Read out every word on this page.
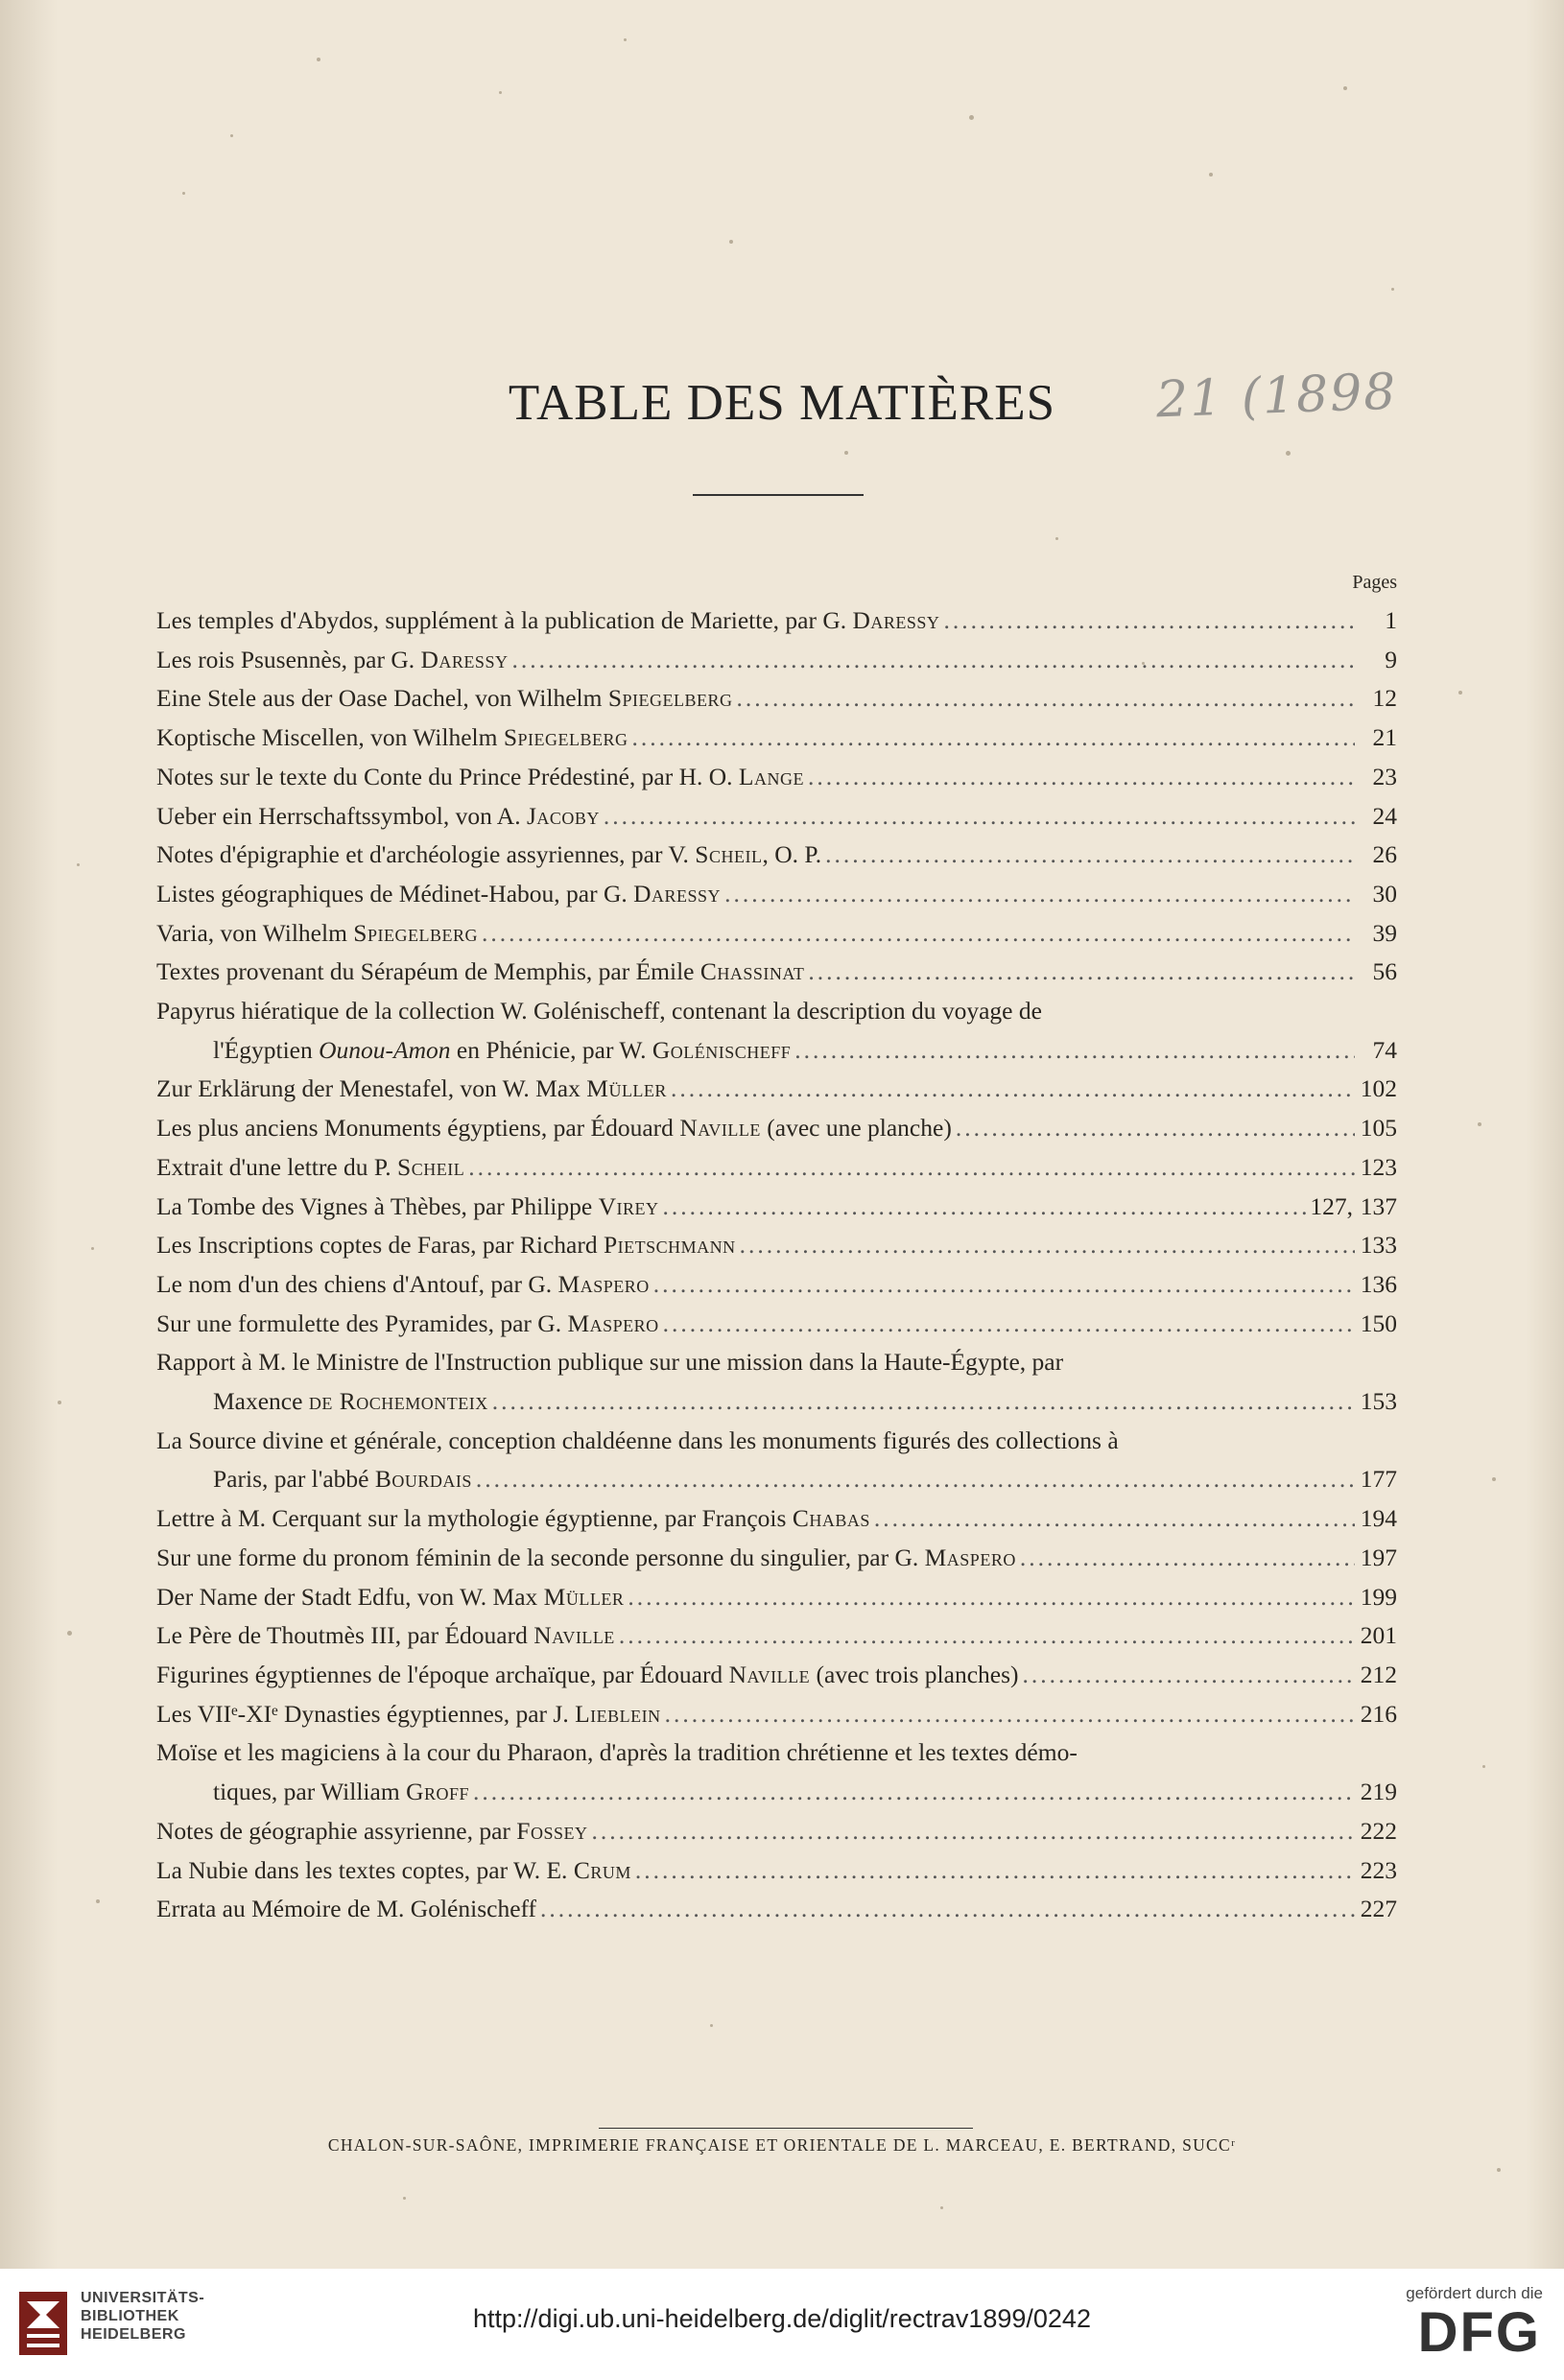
21 (1898
TABLE DES MATIÈRES
Pages
Les temples d'Abydos, supplément à la publication de Mariette, par G. Daressy .....	1
Les rois Psusennès, par G. Daressy .....	9
Eine Stele aus der Oase Dachel, von Wilhelm Spiegelberg .....	12
Koptische Miscellen, von Wilhelm Spiegelberg .....	21
Notes sur le texte du Conte du Prince Prédestiné, par H. O. Lange .....	23
Ueber ein Herrschaftssymbol, von A. Jacoby .....	24
Notes d'épigraphie et d'archéologie assyriennes, par V. Scheil, O. P. .....	26
Listes géographiques de Médinet-Habou, par G. Daressy .....	30
Varia, von Wilhelm Spiegelberg .....	39
Textes provenant du Sérapéum de Memphis, par Émile Chassinat .....	56
Papyrus hiératique de la collection W. Golénischeff, contenant la description du voyage de
l'Égyptien Ounou-Amon en Phénicie, par W. Golénischeff .....	74
Zur Erklärung der Menestafel, von W. Max Müller .....	102
Les plus anciens Monuments égyptiens, par Édouard Naville (avec une planche) .....	105
Extrait d'une lettre du P. Scheil .....	123
La Tombe des Vignes à Thèbes, par Philippe Virey .....	127, 137
Les Inscriptions coptes de Faras, par Richard Pietschmann .....	133
Le nom d'un des chiens d'Antouf, par G. Maspero .....	136
Sur une formulette des Pyramides, par G. Maspero .....	150
Rapport à M. le Ministre de l'Instruction publique sur une mission dans la Haute-Égypte, par
Maxence de Rochemonteix .....	153
La Source divine et générale, conception chaldéenne dans les monuments figurés des collections à
Paris, par l'abbé Bourdais .....	177
Lettre à M. Cerquant sur la mythologie égyptienne, par François Chabas .....	194
Sur une forme du pronom féminin de la seconde personne du singulier, par G. Maspero .....	197
Der Name der Stadt Edfu, von W. Max Müller .....	199
Le Père de Thoutmès III, par Édouard Naville .....	201
Figurines égyptiennes de l'époque archaïque, par Édouard Naville (avec trois planches) .....	212
Les VIIᵉ-XIᵉ Dynasties égyptiennes, par J. Lieblein .....	216
Moïse et les magiciens à la cour du Pharaon, d'après la tradition chrétienne et les textes démo-
tiques, par William Groff .....	219
Notes de géographie assyrienne, par Fossey .....	222
La Nubie dans les textes coptes, par W. E. Crum .....	223
Errata au Mémoire de M. Golénischeff .....	227
CHALON-SUR-SAÔNE, IMPRIMERIE FRANÇAISE ET ORIENTALE DE L. MARCEAU, E. BERTRAND, SUCCʳ
UNIVERSITÄTS-
BIBLIOTHEK
HEIDELBERG
http://digi.ub.uni-heidelberg.de/diglit/rectrav1899/0242
gefördert durch die
DFG
